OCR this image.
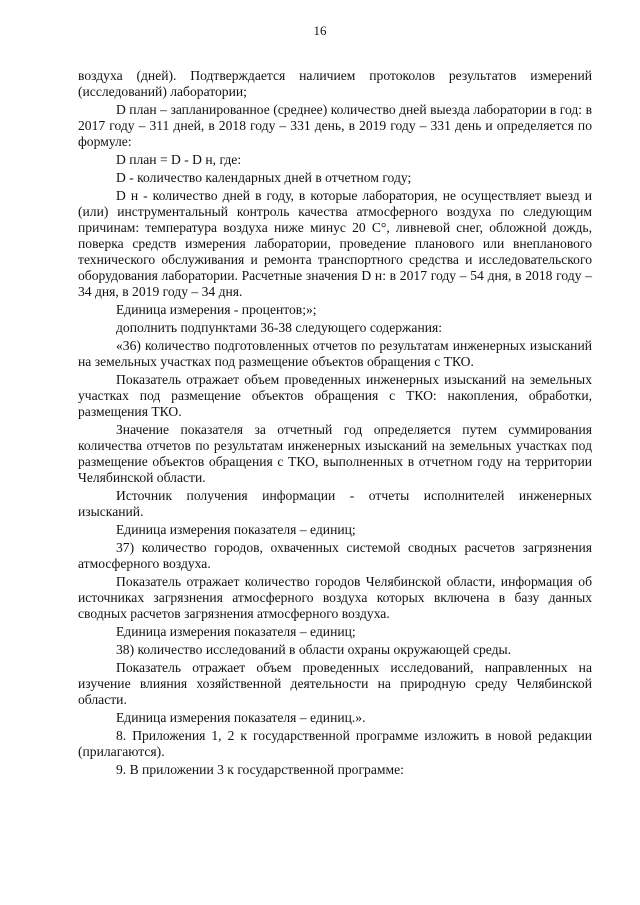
16

воздуха (дней). Подтверждается наличием протоколов результатов измерений (исследований) лаборатории;

D план – запланированное (среднее) количество дней выезда лаборатории в год: в 2017 году – 311 дней, в 2018 году – 331 день, в 2019 году – 331 день и определяется по формуле:

D план = D - D н, где:

D - количество календарных дней в отчетном году;

D н - количество дней в году, в которые лаборатория, не осуществляет выезд и (или) инструментальный контроль качества атмосферного воздуха по следующим причинам: температура воздуха ниже минус 20 С°, ливневой снег, обложной дождь, поверка средств измерения лаборатории, проведение планового или внепланового технического обслуживания и ремонта транспортного средства и исследовательского оборудования лаборатории. Расчетные значения D н: в 2017 году – 54 дня, в 2018 году – 34 дня, в 2019 году – 34 дня.

Единица измерения - процентов;»;

дополнить подпунктами 36-38 следующего содержания:

«36) количество подготовленных отчетов по результатам инженерных изысканий на земельных участках под размещение объектов обращения с ТКО.

Показатель отражает объем проведенных инженерных изысканий на земельных участках под размещение объектов обращения с ТКО: накопления, обработки, размещения ТКО.

Значение показателя за отчетный год определяется путем суммирования количества отчетов по результатам инженерных изысканий на земельных участках под размещение объектов обращения с ТКО, выполненных в отчетном году на территории Челябинской области.

Источник получения информации - отчеты исполнителей инженерных изысканий.

Единица измерения показателя – единиц;

37) количество городов, охваченных системой сводных расчетов загрязнения атмосферного воздуха.

Показатель отражает количество городов Челябинской области, информация об источниках загрязнения атмосферного воздуха которых включена в базу данных сводных расчетов загрязнения атмосферного воздуха.

Единица измерения показателя – единиц;

38) количество исследований в области охраны окружающей среды.

Показатель отражает объем проведенных исследований, направленных на изучение влияния хозяйственной деятельности на природную среду Челябинской области.

Единица измерения показателя – единиц.».

8. Приложения 1, 2 к государственной программе изложить в новой редакции (прилагаются).

9. В приложении 3 к государственной программе:
